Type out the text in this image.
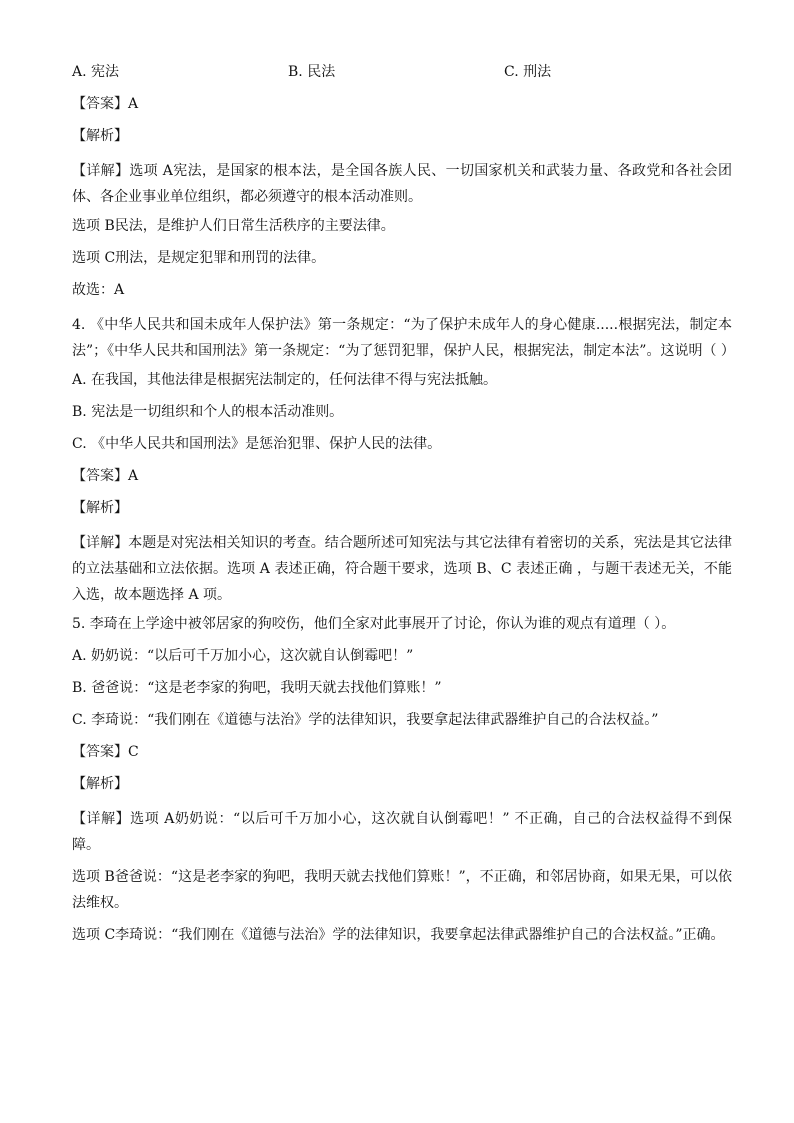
A. 宪法	B. 民法	C. 刑法
【答案】A
【解析】
【详解】选项 A宪法，是国家的根本法，是全国各族人民、一切国家机关和武装力量、各政党和各社会团体、各企业事业单位组织，都必须遵守的根本活动准则。
选项 B民法，是维护人们日常生活秩序的主要法律。
选项 C刑法，是规定犯罪和刑罚的法律。
故选：A
4. 《中华人民共和国未成年人保护法》第一条规定：“为了保护未成年人的身心健康.....根据宪法，制定本法”；《中华人民共和国刑法》第一条规定：“为了惩罚犯罪，保护人民，根据宪法，制定本法”。这说明（ ）
A. 在我国，其他法律是根据宪法制定的，任何法律不得与宪法抵触。
B. 宪法是一切组织和个人的根本活动准则。
C. 《中华人民共和国刑法》是惩治犯罪、保护人民的法律。
【答案】A
【解析】
【详解】本题是对宪法相关知识的考查。结合题所述可知宪法与其它法律有着密切的关系，宪法是其它法律的立法基础和立法依据。选项 A 表述正确，符合题干要求，选项 B、C 表述正确 ，与题干表述无关，不能入选，故本题选择 A 项。
5. 李琦在上学途中被邻居家的狗咬伤，他们全家对此事展开了讨论，你认为谁的观点有道理（ ）。
A. 奶奶说：“以后可千万加小心，这次就自认倒霉吧！”
B. 爸爸说：“这是老李家的狗吧，我明天就去找他们算账！”
C. 李琦说：“我们刚在《道德与法治》学的法律知识，我要拿起法律武器维护自己的合法权益。”
【答案】C
【解析】
【详解】选项 A奶奶说：“以后可千万加小心，这次就自认倒霉吧！” 不正确，自己的合法权益得不到保障。
选项 B爸爸说：“这是老李家的狗吧，我明天就去找他们算账！”，不正确，和邻居协商，如果无果，可以依法维权。
选项 C李琦说：“我们刚在《道德与法治》学的法律知识，我要拿起法律武器维护自己的合法权益。”正确。
